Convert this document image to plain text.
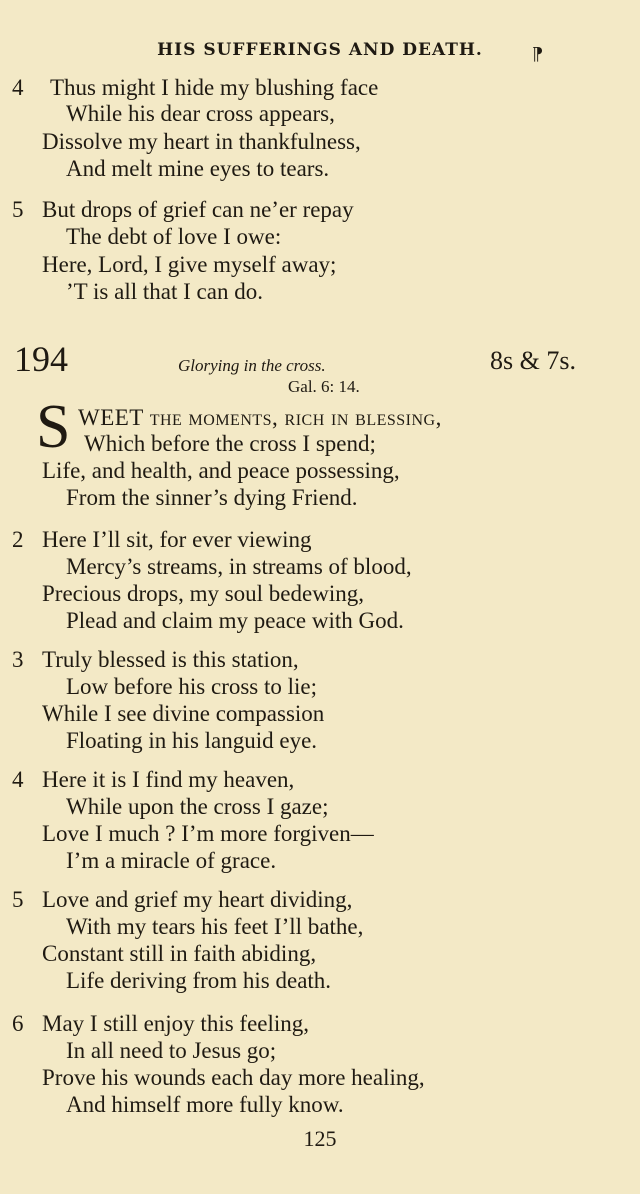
HIS SUFFERINGS AND DEATH.	⁋
4 Thus might I hide my blushing face
While his dear cross appears,
Dissolve my heart in thankfulness,
And melt mine eyes to tears.
5 But drops of grief can ne’er repay
The debt of love I owe:
Here, Lord, I give myself away;
’T is all that I can do.
194	Glorying in the cross.	8s & 7s.
Gal. 6: 14.
S WEET the moments, rich in blessing,
Which before the cross I spend;
Life, and health, and peace possessing,
From the sinner’s dying Friend.
2 Here I’ll sit, for ever viewing
Mercy’s streams, in streams of blood,
Precious drops, my soul bedewing,
Plead and claim my peace with God.
3 Truly blessed is this station,
Low before his cross to lie;
While I see divine compassion
Floating in his languid eye.
4 Here it is I find my heaven,
While upon the cross I gaze;
Love I much ? I’m more forgiven—
I’m a miracle of grace.
5 Love and grief my heart dividing,
With my tears his feet I’ll bathe,
Constant still in faith abiding,
Life deriving from his death.
6 May I still enjoy this feeling,
In all need to Jesus go;
Prove his wounds each day more healing,
And himself more fully know.
125
